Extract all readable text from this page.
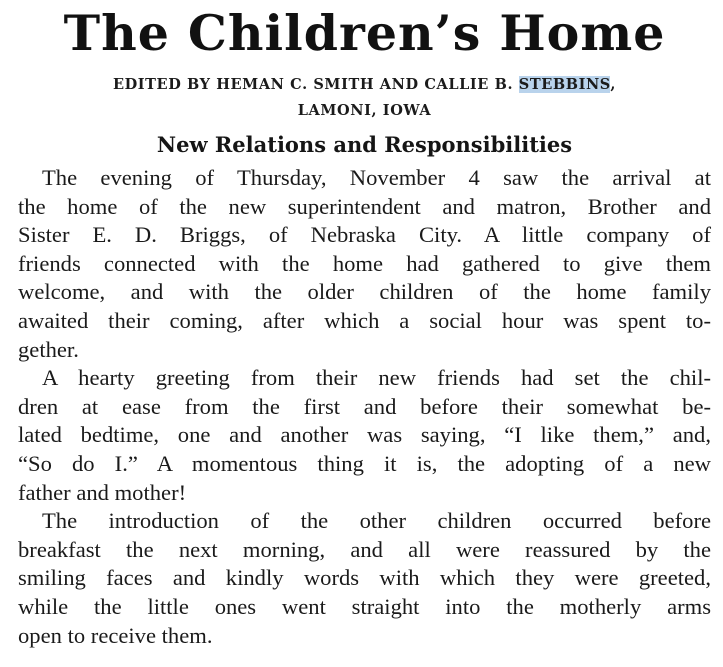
The Children’s Home
EDITED BY HEMAN C. SMITH AND CALLIE B. STEBBINS,
LAMONI, IOWA
New Relations and Responsibilities
The evening of Thursday, November 4 saw the arrival at
the home of the new superintendent and matron, Brother and
Sister E. D. Briggs, of Nebraska City. A little company of
friends connected with the home had gathered to give them
welcome, and with the older children of the home family
awaited their coming, after which a social hour was spent to-
gether.
A hearty greeting from their new friends had set the chil-
dren at ease from the first and before their somewhat be-
lated bedtime, one and another was saying, “I like them,” and,
“So do I.” A momentous thing it is, the adopting of a new
father and mother!
The introduction of the other children occurred before
breakfast the next morning, and all were reassured by the
smiling faces and kindly words with which they were greeted,
while the little ones went straight into the motherly arms
open to receive them.
